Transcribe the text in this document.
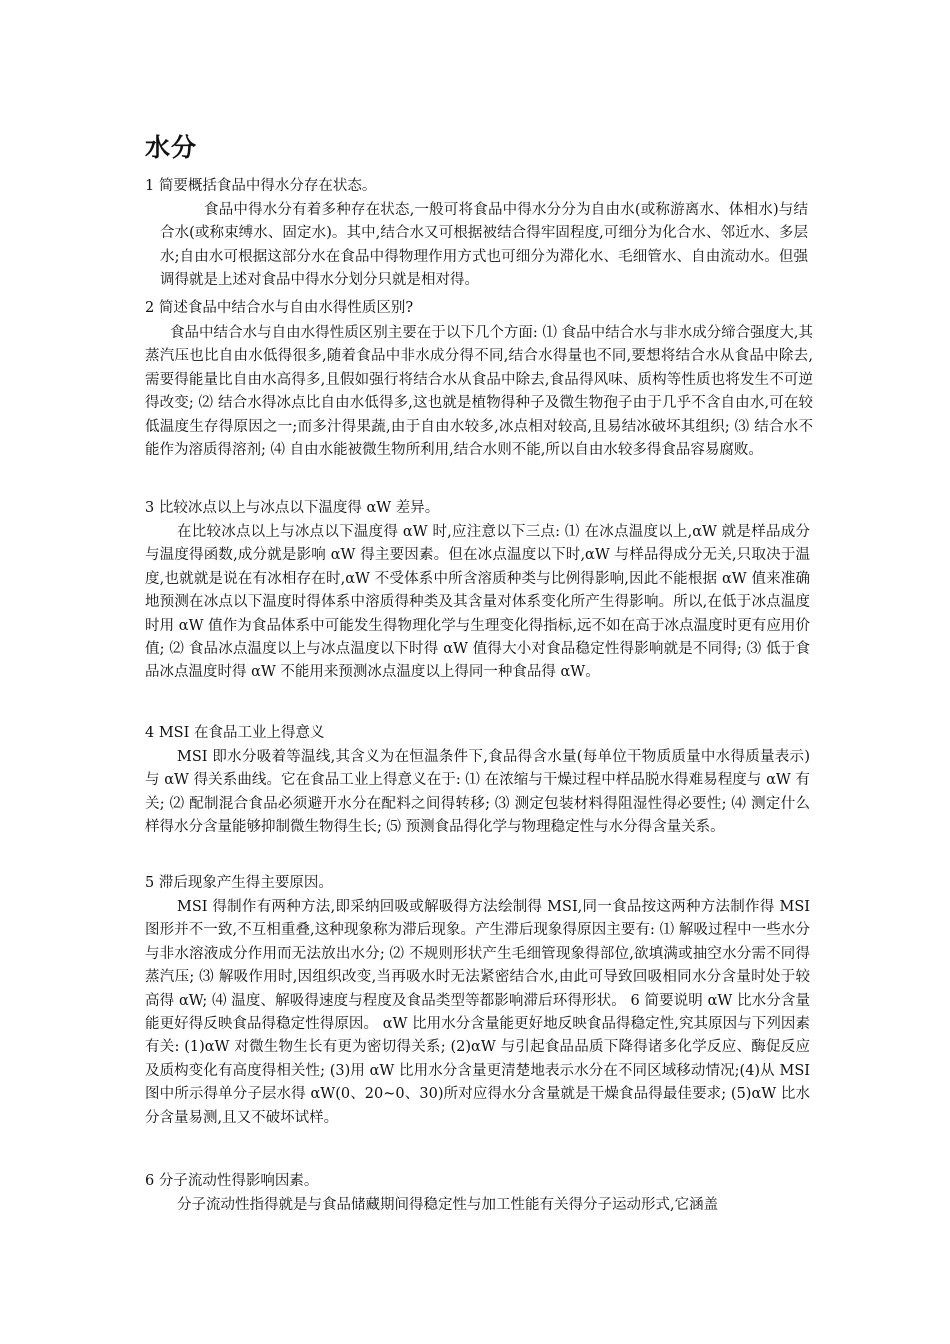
水分
1 简要概括食品中得水分存在状态。
食品中得水分有着多种存在状态,一般可将食品中得水分分为自由水(或称游离水、体相水)与结合水(或称束缚水、固定水)。其中,结合水又可根据被结合得牢固程度,可细分为化合水、邻近水、多层水;自由水可根据这部分水在食品中得物理作用方式也可细分为滞化水、毛细管水、自由流动水。但强调得就是上述对食品中得水分划分只就是相对得。
2 简述食品中结合水与自由水得性质区别?
食品中结合水与自由水得性质区别主要在于以下几个方面: ⑴ 食品中结合水与非水成分缔合强度大,其蒸汽压也比自由水低得很多,随着食品中非水成分得不同,结合水得量也不同,要想将结合水从食品中除去,需要得能量比自由水高得多,且假如强行将结合水从食品中除去,食品得风味、质构等性质也将发生不可逆得改变; ⑵ 结合水得冰点比自由水低得多,这也就是植物得种子及微生物孢子由于几乎不含自由水,可在较低温度生存得原因之一;而多汁得果蔬,由于自由水较多,冰点相对较高,且易结冰破坏其组织; ⑶ 结合水不能作为溶质得溶剂; ⑷ 自由水能被微生物所利用,结合水则不能,所以自由水较多得食品容易腐败。
3 比较冰点以上与冰点以下温度得 αW 差异。
在比较冰点以上与冰点以下温度得 αW 时,应注意以下三点: ⑴ 在冰点温度以上,αW 就是样品成分与温度得函数,成分就是影响 αW 得主要因素。但在冰点温度以下时,αW 与样品得成分无关,只取决于温度,也就就是说在有冰相存在时,αW 不受体系中所含溶质种类与比例得影响,因此不能根据 αW 值来准确地预测在冰点以下温度时得体系中溶质得种类及其含量对体系变化所产生得影响。所以,在低于冰点温度时用 αW 值作为食品体系中可能发生得物理化学与生理变化得指标,远不如在高于冰点温度时更有应用价值; ⑵ 食品冰点温度以上与冰点温度以下时得 αW 值得大小对食品稳定性得影响就是不同得; ⑶ 低于食品冰点温度时得 αW 不能用来预测冰点温度以上得同一种食品得 αW。
4 MSI 在食品工业上得意义
MSI 即水分吸着等温线,其含义为在恒温条件下,食品得含水量(每单位干物质质量中水得质量表示)与 αW 得关系曲线。它在食品工业上得意义在于: ⑴ 在浓缩与干燥过程中样品脱水得难易程度与 αW 有关; ⑵ 配制混合食品必须避开水分在配料之间得转移; ⑶ 测定包装材料得阻湿性得必要性; ⑷ 测定什么样得水分含量能够抑制微生物得生长; ⑸ 预测食品得化学与物理稳定性与水分得含量关系。
5 滞后现象产生得主要原因。
MSI 得制作有两种方法,即采纳回吸或解吸得方法绘制得 MSI,同一食品按这两种方法制作得 MSI 图形并不一致,不互相重叠,这种现象称为滞后现象。产生滞后现象得原因主要有: ⑴ 解吸过程中一些水分与非水溶液成分作用而无法放出水分; ⑵ 不规则形状产生毛细管现象得部位,欲填满或抽空水分需不同得蒸汽压; ⑶ 解吸作用时,因组织改变,当再吸水时无法紧密结合水,由此可导致回吸相同水分含量时处于较高得 αW; ⑷ 温度、解吸得速度与程度及食品类型等都影响滞后环得形状。 6 简要说明 αW 比水分含量能更好得反映食品得稳定性得原因。 αW 比用水分含量能更好地反映食品得稳定性,究其原因与下列因素有关: (1)αW 对微生物生长有更为密切得关系; (2)αW 与引起食品品质下降得诸多化学反应、酶促反应及质构变化有高度得相关性; (3)用 αW 比用水分含量更清楚地表示水分在不同区域移动情况;(4)从 MSI 图中所示得单分子层水得 αW(0、20~0、30)所对应得水分含量就是干燥食品得最佳要求; (5)αW 比水分含量易测,且又不破坏试样。
6 分子流动性得影响因素。
分子流动性指得就是与食品储藏期间得稳定性与加工性能有关得分子运动形式,它涵盖
